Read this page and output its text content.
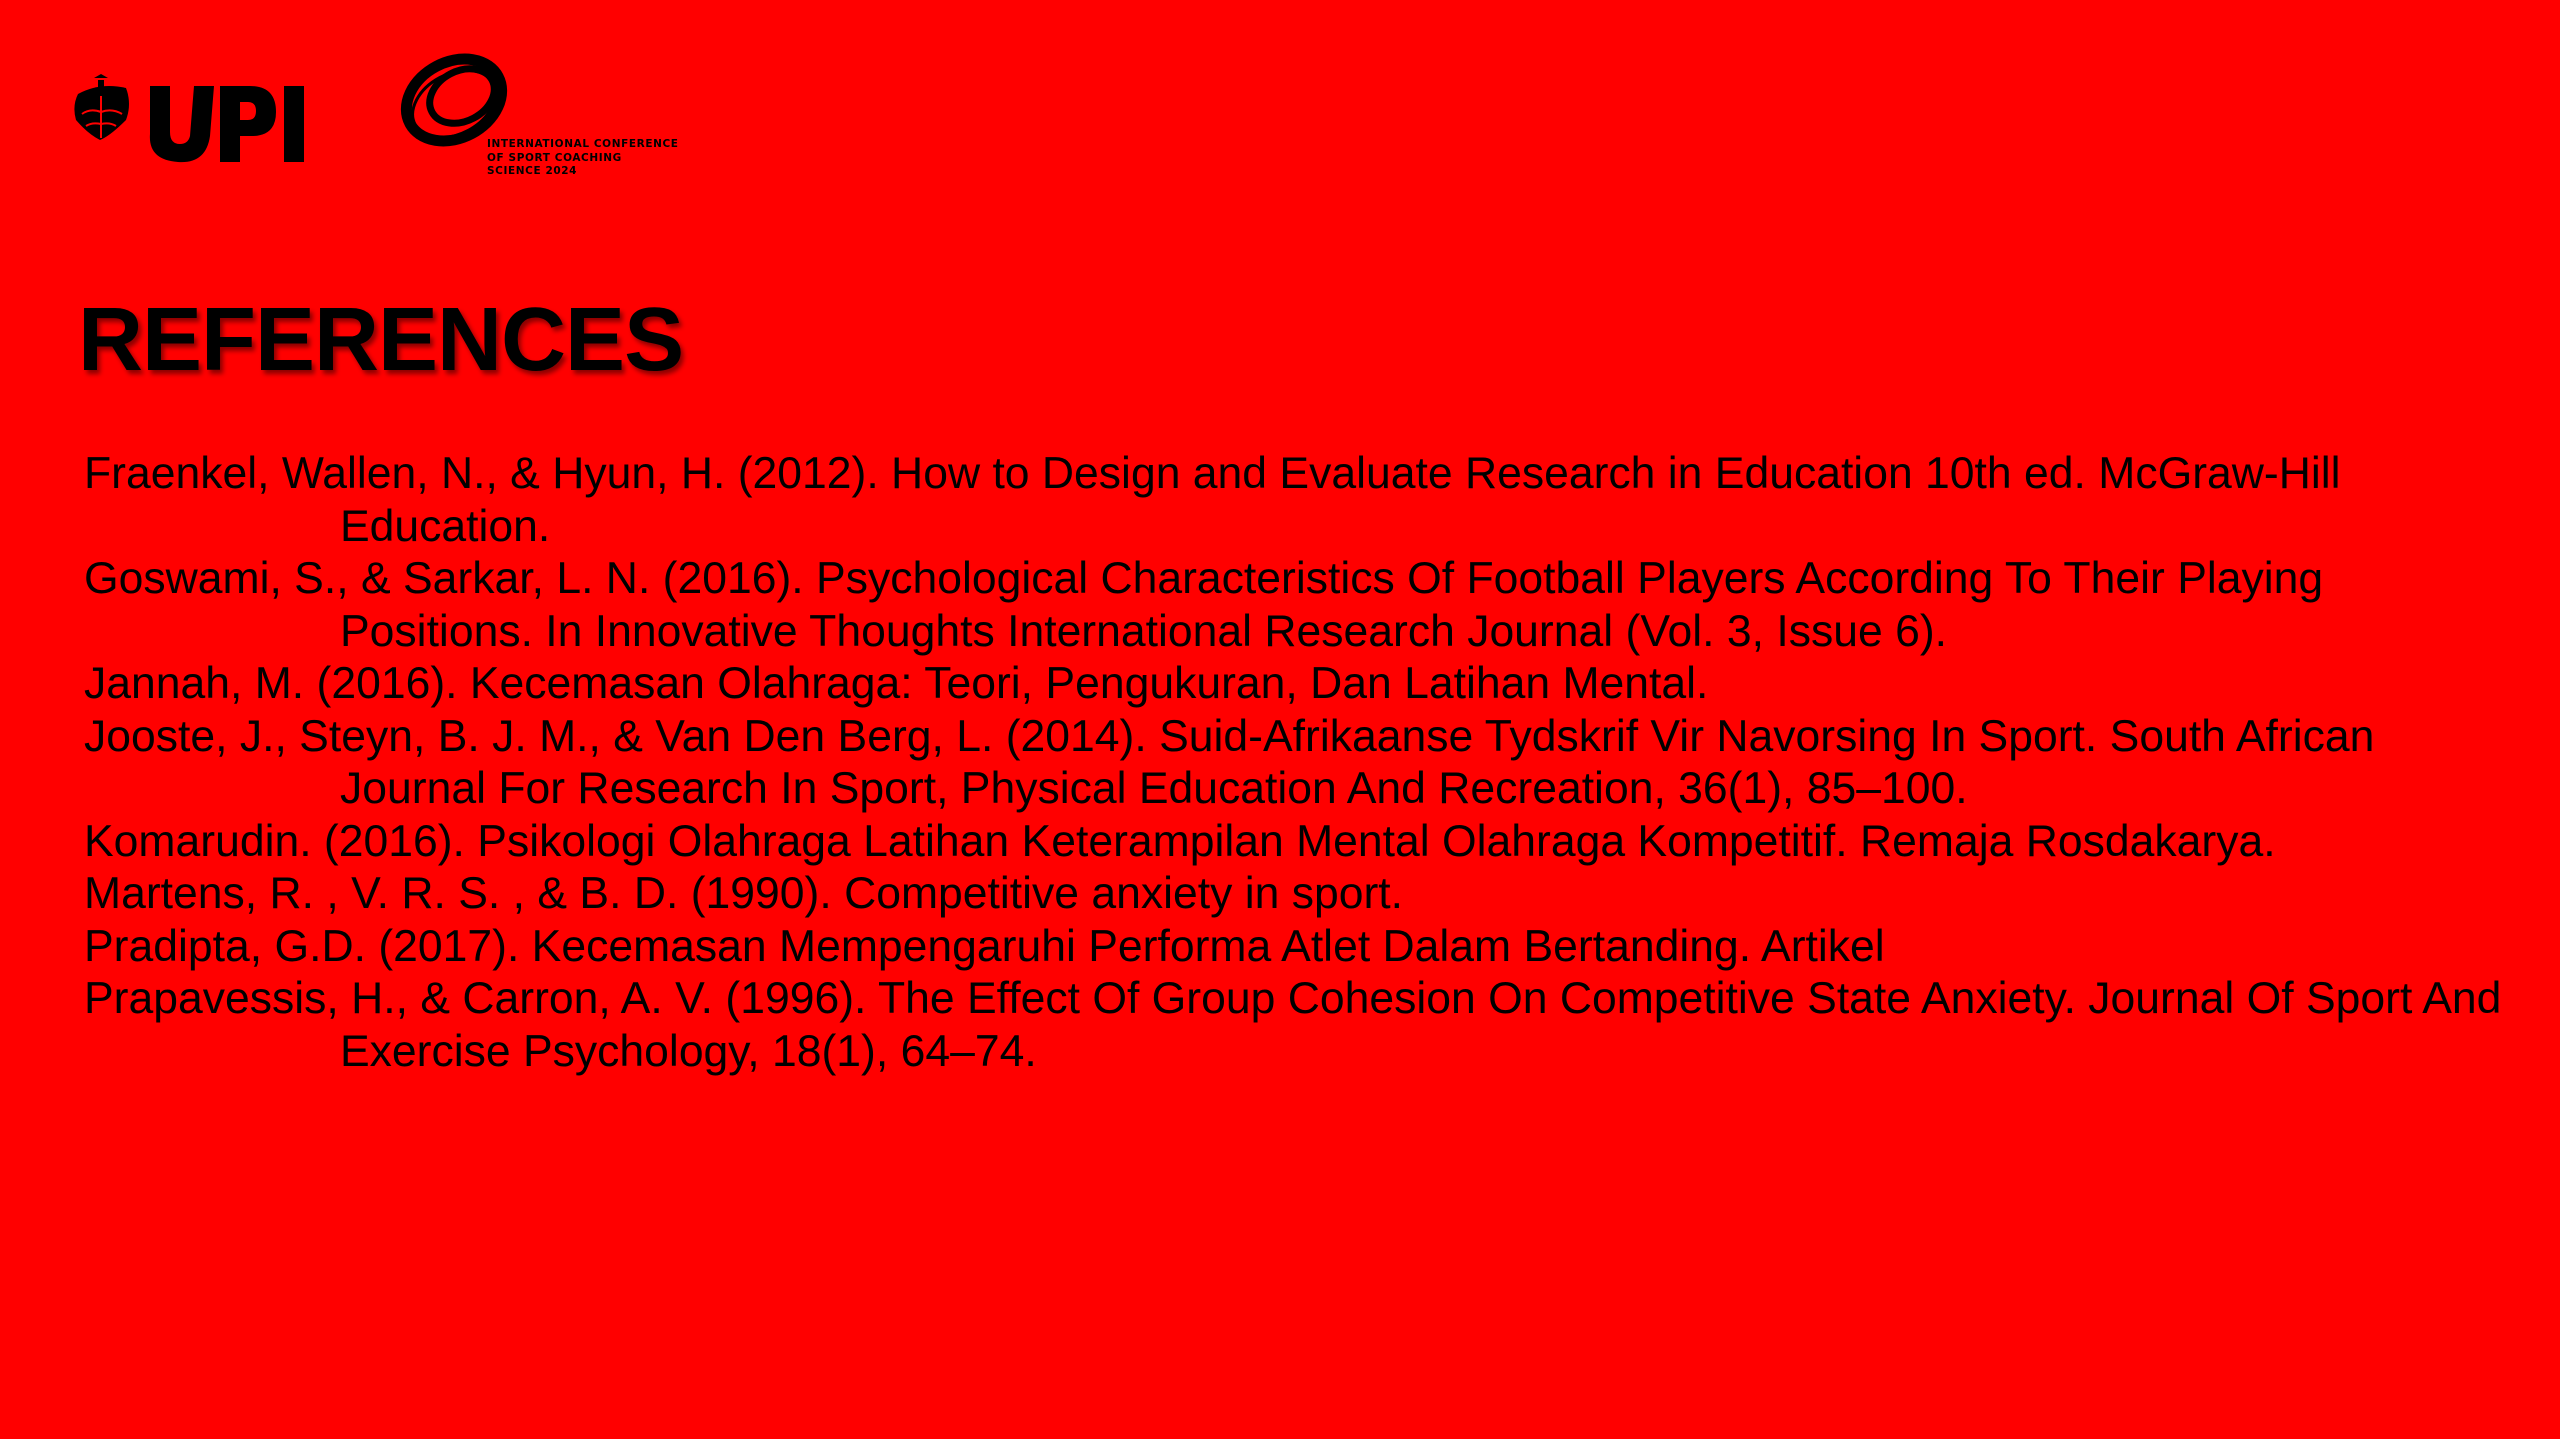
INTERNATIONAL CONFERENCE
OF SPORT COACHING
SCIENCE 2024
REFERENCES
Fraenkel, Wallen, N., & Hyun, H. (2012). How to Design and Evaluate Research in Education 10th ed. McGraw-Hill Education.
Goswami, S., & Sarkar, L. N. (2016). Psychological Characteristics Of Football Players According To Their Playing Positions. In Innovative Thoughts International Research Journal (Vol. 3, Issue 6).
Jannah, M. (2016). Kecemasan Olahraga: Teori, Pengukuran, Dan Latihan Mental.
Jooste, J., Steyn, B. J. M., & Van Den Berg, L. (2014). Suid-Afrikaanse Tydskrif Vir Navorsing In Sport. South African Journal For Research In Sport, Physical Education And Recreation, 36(1), 85–100.
Komarudin. (2016). Psikologi Olahraga Latihan Keterampilan Mental Olahraga Kompetitif. Remaja Rosdakarya.
Martens, R. , V. R. S. , & B. D. (1990). Competitive anxiety in sport.
Pradipta, G.D. (2017). Kecemasan Mempengaruhi Performa Atlet Dalam Bertanding. Artikel
Prapavessis, H., & Carron, A. V. (1996). The Effect Of Group Cohesion On Competitive State Anxiety. Journal Of Sport And Exercise Psychology, 18(1), 64–74.
